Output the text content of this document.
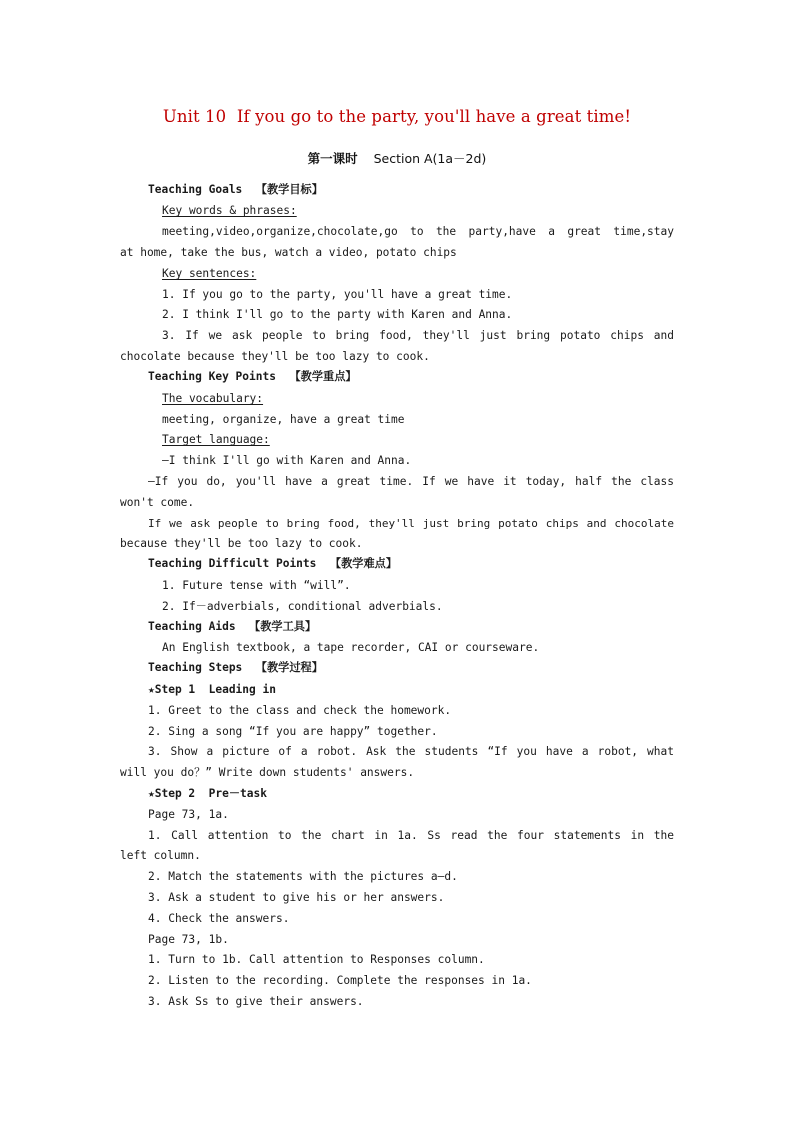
Unit 10  If you go to the party, you'll have a great time!
第一课时 Section A(1a－2d)
Teaching Goals 【教学目标】
Key words & phrases:
meeting,video,organize,chocolate,go to the party,have a great time,stay
at home, take the bus, watch a video, potato chips
Key sentences:
1. If you go to the party, you'll have a great time.
2. I think I'll go to the party with Karen and Anna.
3. If we ask people to bring food, they'll just bring potato chips and
chocolate because they'll be too lazy to cook.
Teaching Key Points 【教学重点】
The vocabulary:
meeting, organize, have a great time
Target language:
—I think I'll go with Karen and Anna.
—If you do, you'll have a great time. If we have it today, half the class
won't come.
If we ask people to bring food, they'll just bring potato chips and chocolate
because they'll be too lazy to cook.
Teaching Difficult Points 【教学难点】
1. Future tense with “will”.
2. If－adverbials, conditional adverbials.
Teaching Aids 【教学工具】
An English textbook, a tape recorder, CAI or courseware.
Teaching Steps 【教学过程】
★Step 1  Leading in
1. Greet to the class and check the homework.
2. Sing a song “If you are happy” together.
3. Show a picture of a robot. Ask the students “If you have a robot, what
will you do？” Write down students' answers.
★Step 2  Pre－task
Page 73, 1a.
1. Call attention to the chart in 1a. Ss read the four statements in the
left column.
2. Match the statements with the pictures a—d.
3. Ask a student to give his or her answers.
4. Check the answers.
Page 73, 1b.
1. Turn to 1b. Call attention to Responses column.
2. Listen to the recording. Complete the responses in 1a.
3. Ask Ss to give their answers.
